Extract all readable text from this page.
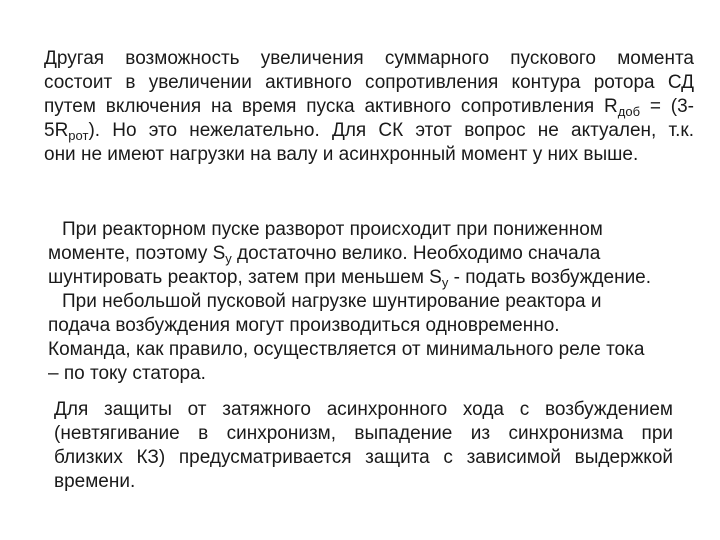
Другая возможность увеличения суммарного пускового момента
состоит в увеличении активного сопротивления контура ротора СД
путем включения на время пуска активного сопротивления $R_{доб} = (3-$
$5R_{рот}$). Но это нежелательно. Для СК этот вопрос не актуален, т.к.
они не имеют нагрузки на валу и асинхронный момент у них выше.
При реакторном пуске разворот происходит при пониженном
моменте, поэтому $S_у$ достаточно велико. Необходимо сначала
шунтировать реактор, затем при меньшем $S_у$ - подать возбуждение.
При небольшой пусковой нагрузке шунтирование реактора и
подача возбуждения могут производиться одновременно.
Команда, как правило, осуществляется от минимального реле тока
– по току статора.
Для защиты от затяжного асинхронного хода с возбуждением
(невтягивание в синхронизм, выпадение из синхронизма при
близких КЗ) предусматривается защита с зависимой выдержкой
времени.
